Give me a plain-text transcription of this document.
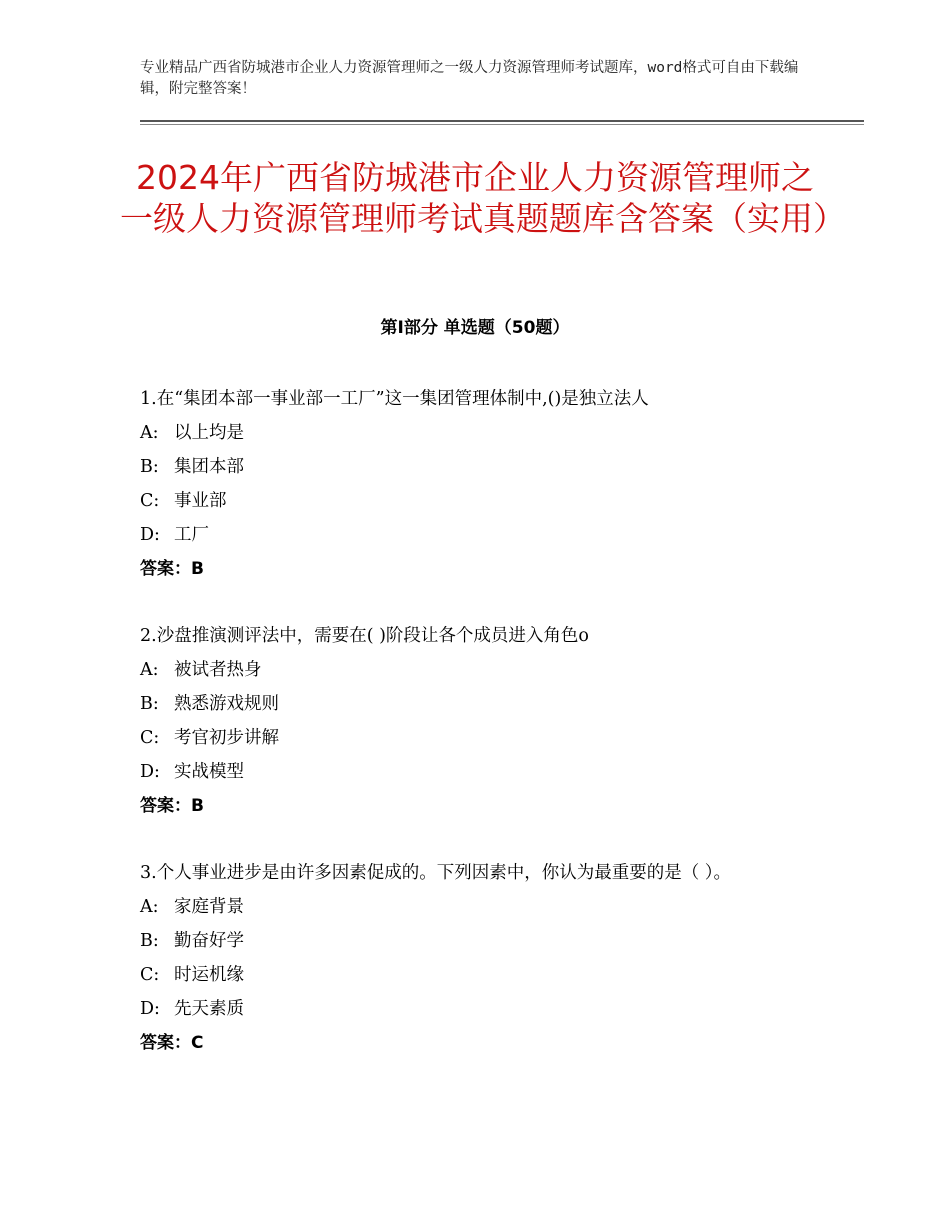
专业精品广西省防城港市企业人力资源管理师之一级人力资源管理师考试题库，word格式可自由下载编辑，附完整答案！
2024年广西省防城港市企业人力资源管理师之一级人力资源管理师考试真题题库含答案（实用）
第Ⅰ部分 单选题（50题）

1.在“集团本部一事业部一工厂”这一集团管理体制中,()是独立法人

A: 以上均是

B: 集团本部

C: 事业部

D: 工厂

答案：B

2.沙盘推演测评法中，需要在( )阶段让各个成员进入角色o

A: 被试者热身

B: 熟悉游戏规则

C: 考官初步讲解

D: 实战模型

答案：B

3.个人事业进步是由许多因素促成的。下列因素中，你认为最重要的是（ ）。

A: 家庭背景

B: 勤奋好学

C: 时运机缘

D: 先天素质

答案：C
